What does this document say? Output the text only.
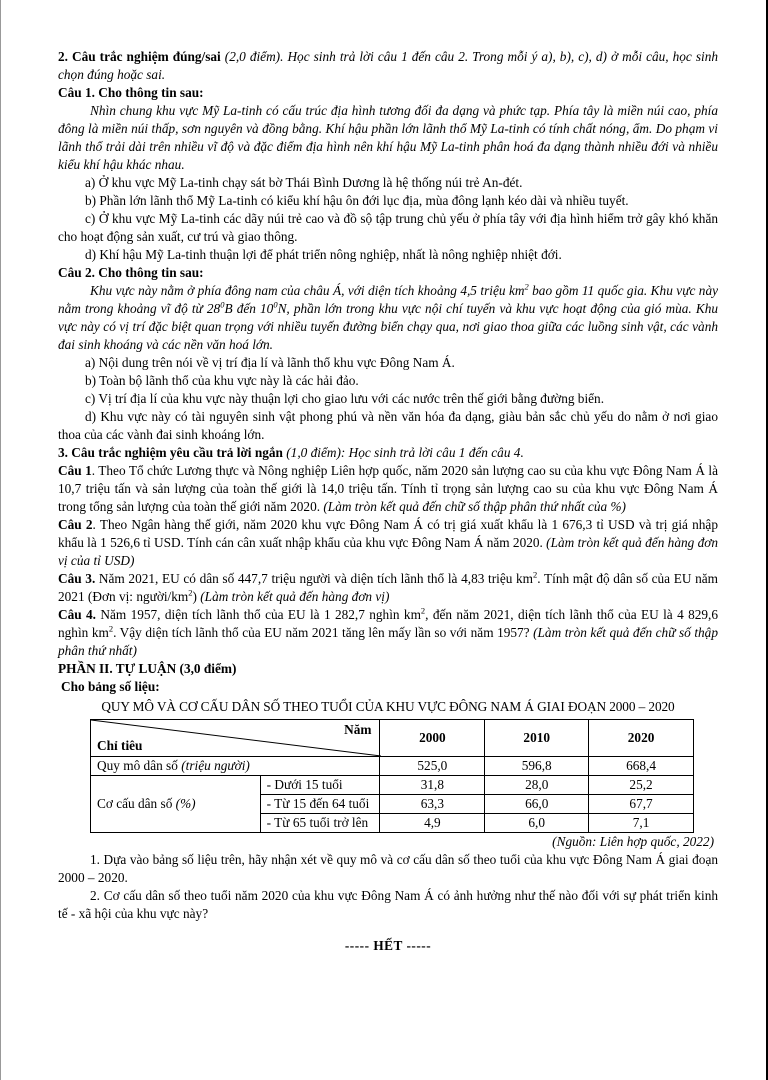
2. Câu trắc nghiệm đúng/sai (2,0 điểm). Học sinh trả lời câu 1 đến câu 2. Trong mỗi ý a), b), c), d) ở mỗi câu, học sinh chọn đúng hoặc sai.

Câu 1. Cho thông tin sau:

Nhìn chung khu vực Mỹ La-tinh có cấu trúc địa hình tương đối đa dạng và phức tạp. Phía tây là miền núi cao, phía đông là miền núi thấp, sơn nguyên và đồng bằng. Khí hậu phần lớn lãnh thổ Mỹ La-tinh có tính chất nóng, ẩm. Do phạm vi lãnh thổ trải dài trên nhiều vĩ độ và đặc điểm địa hình nên khí hậu Mỹ La-tinh phân hoá đa dạng thành nhiều đới và nhiều kiểu khí hậu khác nhau.

a) Ở khu vực Mỹ La-tinh chạy sát bờ Thái Bình Dương là hệ thống núi trẻ An-đét.

b) Phần lớn lãnh thổ Mỹ La-tinh có kiểu khí hậu ôn đới lục địa, mùa đông lạnh kéo dài và nhiều tuyết.

c) Ở khu vực Mỹ La-tinh các dãy núi trẻ cao và đồ sộ tập trung chủ yếu ở phía tây với địa hình hiểm trở gây khó khăn cho hoạt động sản xuất, cư trú và giao thông.

d) Khí hậu Mỹ La-tinh thuận lợi để phát triển nông nghiệp, nhất là nông nghiệp nhiệt đới.

Câu 2. Cho thông tin sau:

Khu vực này nằm ở phía đông nam của châu Á, với diện tích khoảng 4,5 triệu $km^2$ bao gồm 11 quốc gia. Khu vực này nằm trong khoảng vĩ độ từ $28^0B$ đến $10^0N$, phần lớn trong khu vực nội chí tuyến và khu vực hoạt động của gió mùa. Khu vực này có vị trí đặc biệt quan trọng với nhiều tuyến đường biển chạy qua, nơi giao thoa giữa các luồng sinh vật, các vành đai sinh khoáng và các nền văn hoá lớn.

a) Nội dung trên nói về vị trí địa lí và lãnh thổ khu vực Đông Nam Á.

b) Toàn bộ lãnh thổ của khu vực này là các hải đảo.

c) Vị trí địa lí của khu vực này thuận lợi cho giao lưu với các nước trên thế giới bằng đường biển.

d) Khu vực này có tài nguyên sinh vật phong phú và nền văn hóa đa dạng, giàu bản sắc chủ yếu do nằm ở nơi giao thoa của các vành đai sinh khoáng lớn.

3. Câu trắc nghiệm yêu cầu trả lời ngắn (1,0 điểm): Học sinh trả lời câu 1 đến câu 4.

Câu 1. Theo Tổ chức Lương thực và Nông nghiệp Liên hợp quốc, năm 2020 sản lượng cao su của khu vực Đông Nam Á là 10,7 triệu tấn và sản lượng của toàn thế giới là 14,0 triệu tấn. Tính tỉ trọng sản lượng cao su của khu vực Đông Nam Á trong tổng sản lượng của toàn thế giới năm 2020. (Làm tròn kết quả đến chữ số thập phân thứ nhất của %)

Câu 2. Theo Ngân hàng thế giới, năm 2020 khu vực Đông Nam Á có trị giá xuất khẩu là 1 676,3 tỉ USD và trị giá nhập khẩu là 1 526,6 tỉ USD. Tính cán cân xuất nhập khẩu của khu vực Đông Nam Á năm 2020. (Làm tròn kết quả đến hàng đơn vị của tỉ USD)

Câu 3. Năm 2021, EU có dân số 447,7 triệu người và diện tích lãnh thổ là 4,83 triệu $km^2$. Tính mật độ dân số của EU năm 2021 (Đơn vị: người/$km^2$) (Làm tròn kết quả đến hàng đơn vị)

Câu 4. Năm 1957, diện tích lãnh thổ của EU là 1 282,7 nghìn $km^2$, đến năm 2021, diện tích lãnh thổ của EU là 4 829,6 nghìn $km^2$. Vậy diện tích lãnh thổ của EU năm 2021 tăng lên mấy lần so với năm 1957? (Làm tròn kết quả đến chữ số thập phân thứ nhất)

PHẦN II. TỰ LUẬN (3,0 điểm)

Cho bảng số liệu:

QUY MÔ VÀ CƠ CẤU DÂN SỐ THEO TUỔI CỦA KHU VỰC ĐÔNG NAM Á GIAI ĐOẠN 2000 – 2020
Năm
Chỉ tiêu		2000	2010	2020
Quy mô dân số (triệu người)		525,0	596,8	668,4
Cơ cấu dân số (%)	- Dưới 15 tuổi	31,8	28,0	25,2
	- Từ 15 đến 64 tuổi	63,3	66,0	67,7
	- Từ 65 tuổi trở lên	4,9	6,0	7,1

(Nguồn: Liên hợp quốc, 2022)

1. Dựa vào bảng số liệu trên, hãy nhận xét về quy mô và cơ cấu dân số theo tuổi của khu vực Đông Nam Á giai đoạn 2000 – 2020.

2. Cơ cấu dân số theo tuổi năm 2020 của khu vực Đông Nam Á có ảnh hưởng như thế nào đối với sự phát triển kinh tế - xã hội của khu vực này?

----- HẾT -----
